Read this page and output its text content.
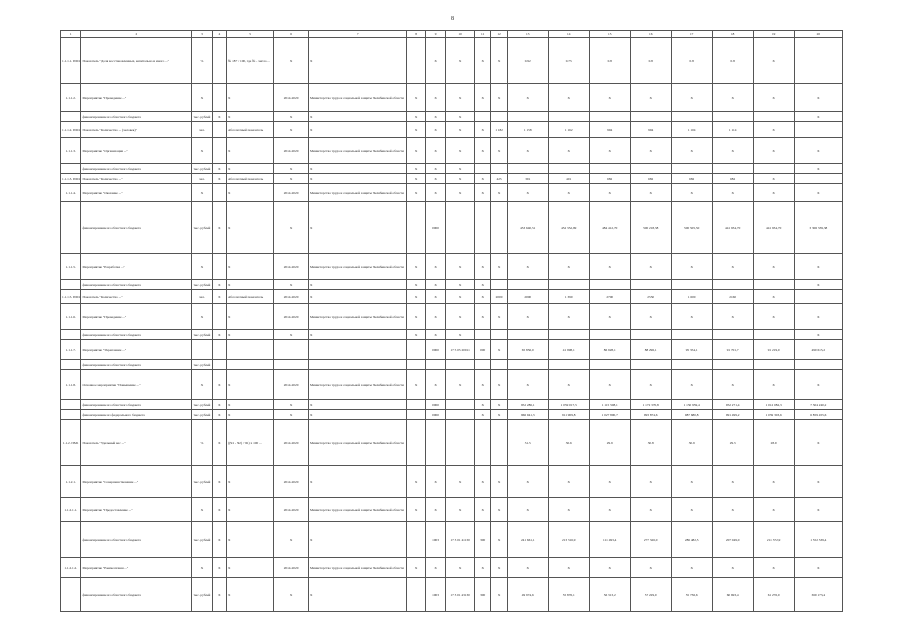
8
1	2	3	4	5	6	7	8	9	10	11	12	13	14	15	16	17	18	19	20
1.1.1.1. ПМ1	Показатель "Доля восстановленных, капитально и иного ..."	%		№ 18+ / 100, где № - число ...	X	X		X	X	X	X	0.92	0.75	0.8	0.8	0.8	0.8	X	
1.1.1.2.	Мероприятие "Проведение ..."	X		X	2014-2020	Министерство труда и социальной защиты Челябинской области	X	X	X	X	X	X	X	X	X	X	X	X	X
	финансирование из областного бюджета	тыс. рублей	X	X	X	X	X	X	X										X
1.1.1.2. ПМ1	Показатель "Количество ... (человек)"	чел.		Абсолютный показатель	X	X	X	X	X	X	1 182	1 158	1 162	994	994	1 104	1 114	X	
1.1.1.3.	Мероприятие "Организация ..."	X		X	2014-2020	Министерство труда и социальной защиты Челябинской области	X	X	X	X	X	X	X	X	X	X	X	X	X
	финансирование из областного бюджета	тыс. рублей	X	X	X	X	X	X	X										X
1.1.1.3. ПМ1	Показатель "Количество ..."	чел.	X	Абсолютный показатель	X	X	X	X	X	X	425	391	401	682	682	682	682	X	
1.1.1.4.	Мероприятие "Оказание ..."	X		X	2014-2020	Министерство труда и социальной защиты Челябинской области	X	X	X	X	X	X	X	X	X	X	X	X	X
	финансирование из областного бюджета	тыс. рублей	X	X	X	X		0000				453 640,51	452 352,99	484 412,70	500 218,38	500 505,50	441 934,70	441 934,70	3 306 339,38
1.1.1.5.	Мероприятие "Разработка ..."	X		X	2014-2020	Министерство труда и социальной защиты Челябинской области	X	X	X	X	X	X	X	X	X	X	X	X	X
	финансирование из областного бюджета	тыс. рублей	X	X	X	X	X	X	X	X									X
1.1.1.5. ПМ1	Показатель "Количество ..."	чел.	X	Абсолютный показатель	2014-2020	X	X	X	X	X	2000	2000	1 390	2700	2550	1 600	2160	X	
1.1.1.6.	Мероприятие "Проведение ..."	X		X	2014-2020	Министерство труда и социальной защиты Челябинской области	X	X	X	X	X	X	X	X	X	X	X	X	X
	финансирование из областного бюджета	тыс. рублей	X	X	X	X	X	X	X										X
1.1.1.7.	Мероприятие "Укрепление ..."							0000	17 5 05 20011	000	X	65 856,0	41 998,1	86 928,1	88 296,1	95 354,1	91 701,7	91 219,0	490 615,2
	финансирование из областного бюджета	тыс. рублей																	
1.1.1.8.	Основное мероприятие "Повышение ..."	X	X	X	2014-2020	Министерство труда и социальной защиты Челябинской области	X	X	X	X	X	X	X	X	X	X	X	X	X
	финансирование из областного бюджета	тыс. рублей	X	X	X	X		0000		X	X	952 286,1	1 059 017,5	1 115 508,1	1 172 370,8	1 150 959,4	952 271,4	1 012 082,3	7 304 240,2
	финансирование из федерального бюджета	тыс. рублей	X	X	X	X		0000		X	X	966 941,3	911 909,8	1 027 800,7	993 874,6	987 680,8	991 499,2	1 059 303,6	6 859 455,6
1.1.2. ПМ1	Показатель "Удельный вес ..."	%	X	((Ч1 - Ч2) / Ч1) х 100 ...	2014-2020	Министерство труда и социальной защиты Челябинской области						31.5	30.6	29.9	30.8	30.9	29.3	28.9	X
1.1.2.1.	Мероприятие "Совершенствование ..."	тыс. рублей	X	X	2014-2020	X	X	X	X	X	X	X	X	X	X	X	X	X	X
1.1.2.1.1.	Мероприятие "Предоставление ..."	X	X	X	2014-2020	Министерство труда и социальной защиты Челябинской области	X	X	X	X	X	X	X	X	X	X	X	X	X
	финансирование из областного бюджета	тыс. рублей	X	X	X	X		1003	17 3 01 41130	300	X	241 661,1	213 316,9	111 493,4	277 326,0	286 482,5	207 049,0	211 372,9	1 552 339,4
1.1.2.1.2.	Мероприятие "Ежемесячная ..."	X	X	X	2014-2020	Министерство труда и социальной защиты Челябинской области	X	X	X	X	X	X	X	X	X	X	X	X	X
	финансирование из областного бюджета	тыс. рублей	X	X	X	X		1003	17 3 01 43130	300	X	49 974,6	55 876,1	56 313,2	57 229,0	55 736,6	60 693,4	61 276,0	369 173,4
